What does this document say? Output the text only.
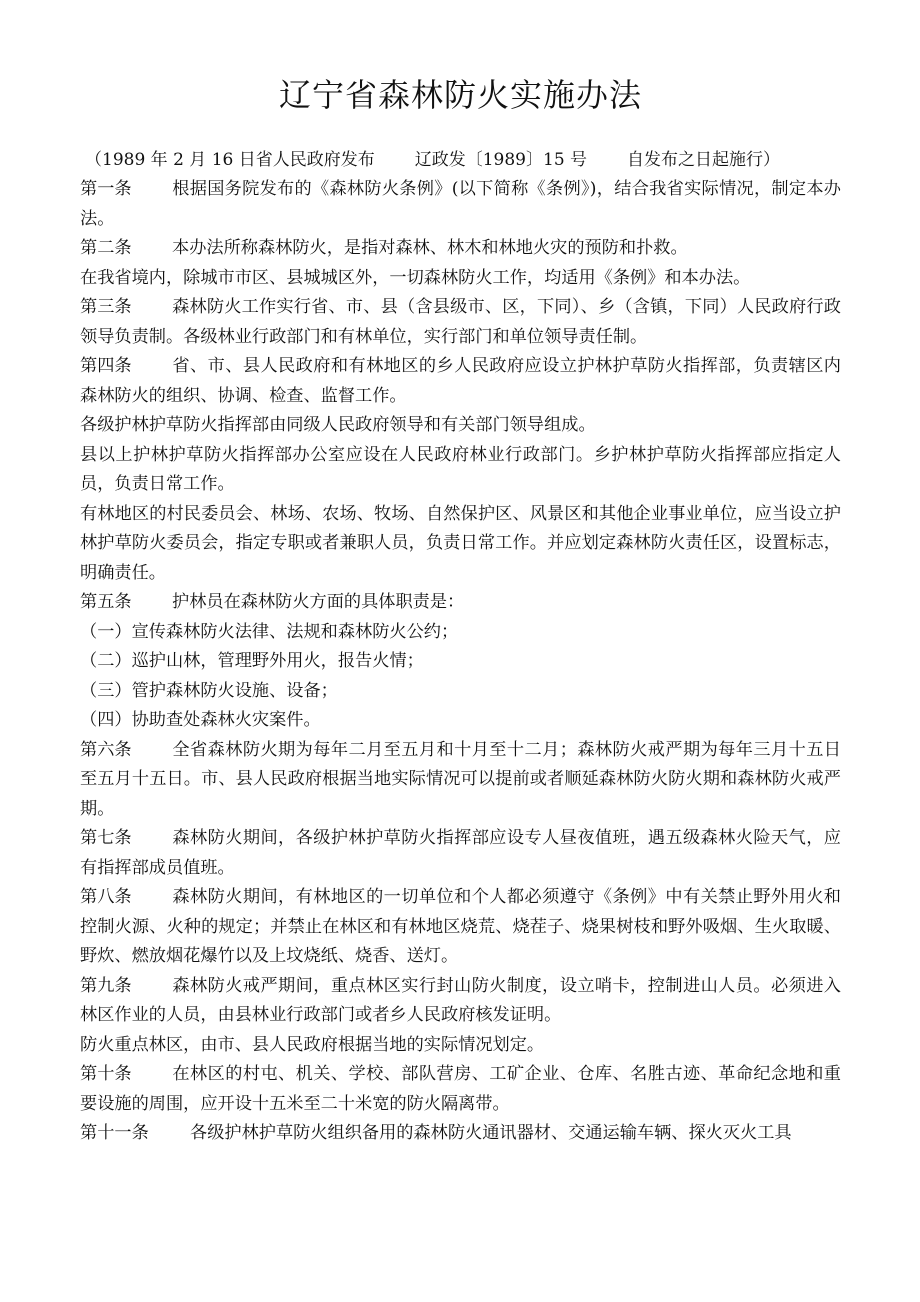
辽宁省森林防火实施办法
（1989 年 2 月 16 日省人民政府发布 辽政发〔1989〕15 号 自发布之日起施行）

第一条 根据国务院发布的《森林防火条例》(以下简称《条例》)，结合我省实际情况，制定本办法。

第二条 本办法所称森林防火，是指对森林、林木和林地火灾的预防和扑救。

在我省境内，除城市市区、县城城区外，一切森林防火工作，均适用《条例》和本办法。

第三条 森林防火工作实行省、市、县（含县级市、区，下同）、乡（含镇，下同）人民政府行政领导负责制。各级林业行政部门和有林单位，实行部门和单位领导责任制。

第四条 省、市、县人民政府和有林地区的乡人民政府应设立护林护草防火指挥部，负责辖区内森林防火的组织、协调、检查、监督工作。

各级护林护草防火指挥部由同级人民政府领导和有关部门领导组成。

县以上护林护草防火指挥部办公室应设在人民政府林业行政部门。乡护林护草防火指挥部应指定人员，负责日常工作。

有林地区的村民委员会、林场、农场、牧场、自然保护区、风景区和其他企业事业单位，应当设立护林护草防火委员会，指定专职或者兼职人员，负责日常工作。并应划定森林防火责任区，设置标志，明确责任。

第五条 护林员在森林防火方面的具体职责是：

（一）宣传森林防火法律、法规和森林防火公约；

（二）巡护山林，管理野外用火，报告火情；

（三）管护森林防火设施、设备；

（四）协助查处森林火灾案件。

第六条 全省森林防火期为每年二月至五月和十月至十二月；森林防火戒严期为每年三月十五日至五月十五日。市、县人民政府根据当地实际情况可以提前或者顺延森林防火防火期和森林防火戒严期。

第七条 森林防火期间，各级护林护草防火指挥部应设专人昼夜值班，遇五级森林火险天气，应有指挥部成员值班。

第八条 森林防火期间，有林地区的一切单位和个人都必须遵守《条例》中有关禁止野外用火和控制火源、火种的规定；并禁止在林区和有林地区烧荒、烧茬子、烧果树枝和野外吸烟、生火取暖、野炊、燃放烟花爆竹以及上坟烧纸、烧香、送灯。

第九条 森林防火戒严期间，重点林区实行封山防火制度，设立哨卡，控制进山人员。必须进入林区作业的人员，由县林业行政部门或者乡人民政府核发证明。

防火重点林区，由市、县人民政府根据当地的实际情况划定。

第十条 在林区的村屯、机关、学校、部队营房、工矿企业、仓库、名胜古迹、革命纪念地和重要设施的周围，应开设十五米至二十米宽的防火隔离带。

第十一条 各级护林护草防火组织备用的森林防火通讯器材、交通运输车辆、探火灭火工具
